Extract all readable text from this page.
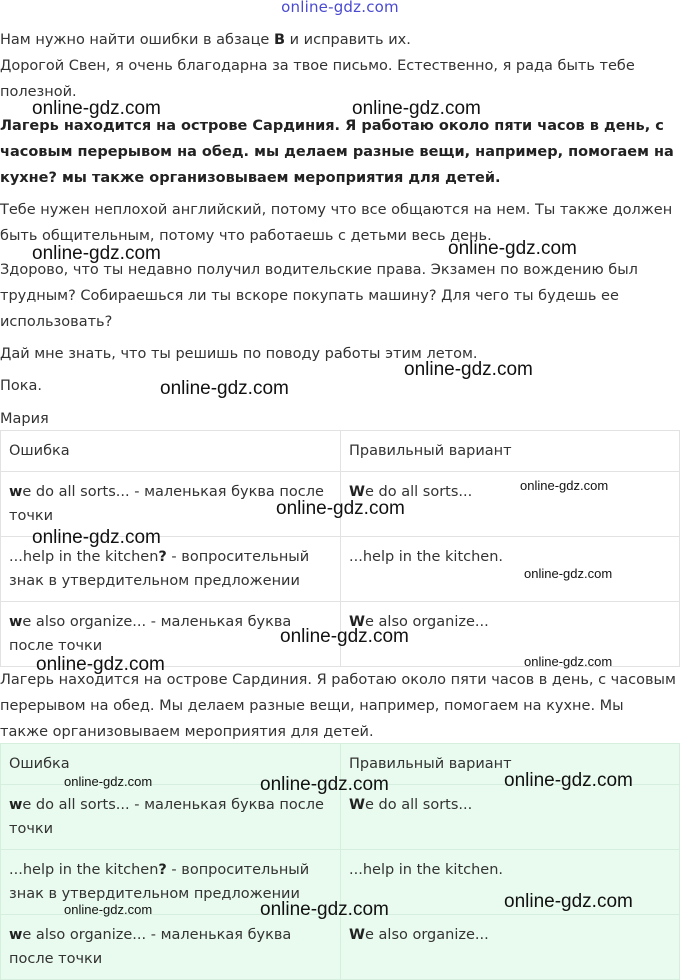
online-gdz.com

Нам нужно найти ошибки в абзаце B и исправить их.

Дорогой Свен, я очень благодарна за твое письмо. Естественно, я рада быть тебе полезной.

Лагерь находится на острове Сардиния. Я работаю около пяти часов в день, с часовым перерывом на обед. мы делаем разные вещи, например, помогаем на кухне? мы также организовываем мероприятия для детей.

Тебе нужен неплохой английский, потому что все общаются на нем. Ты также должен быть общительным, потому что работаешь с детьми весь день.

Здорово, что ты недавно получил водительские права. Экзамен по вождению был трудным? Собираешься ли ты вскоре покупать машину? Для чего ты будешь ее использовать?

Дай мне знать, что ты решишь по поводу работы этим летом.

Пока.

Мария

Ошибка	Правильный вариант
we do all sorts... - маленькая буква после точки	We do all sorts...
...help in the kitchen? - вопросительный знак в утвердительном предложении	...help in the kitchen.
we also organize... - маленькая буква после точки	We also organize...

Лагерь находится на острове Сардиния. Я работаю около пяти часов в день, с часовым перерывом на обед. Мы делаем разные вещи, например, помогаем на кухне. Мы также организовываем мероприятия для детей.

Ошибка	Правильный вариант
we do all sorts... - маленькая буква после точки	We do all sorts...
...help in the kitchen? - вопросительный знак в утвердительном предложении	...help in the kitchen.
we also organize... - маленькая буква после точки	We also organize...
online-gdz.com	online-gdz.com
online-gdz.com	online-gdz.com
online-gdz.com
online-gdz.com
online-gdz.com
online-gdz.com
online-gdz.com
online-gdz.com
online-gdz.com
online-gdz.com
online-gdz.com
online-gdz.com	online-gdz.com	online-gdz.com
online-gdz.com	online-gdz.com	online-gdz.com
